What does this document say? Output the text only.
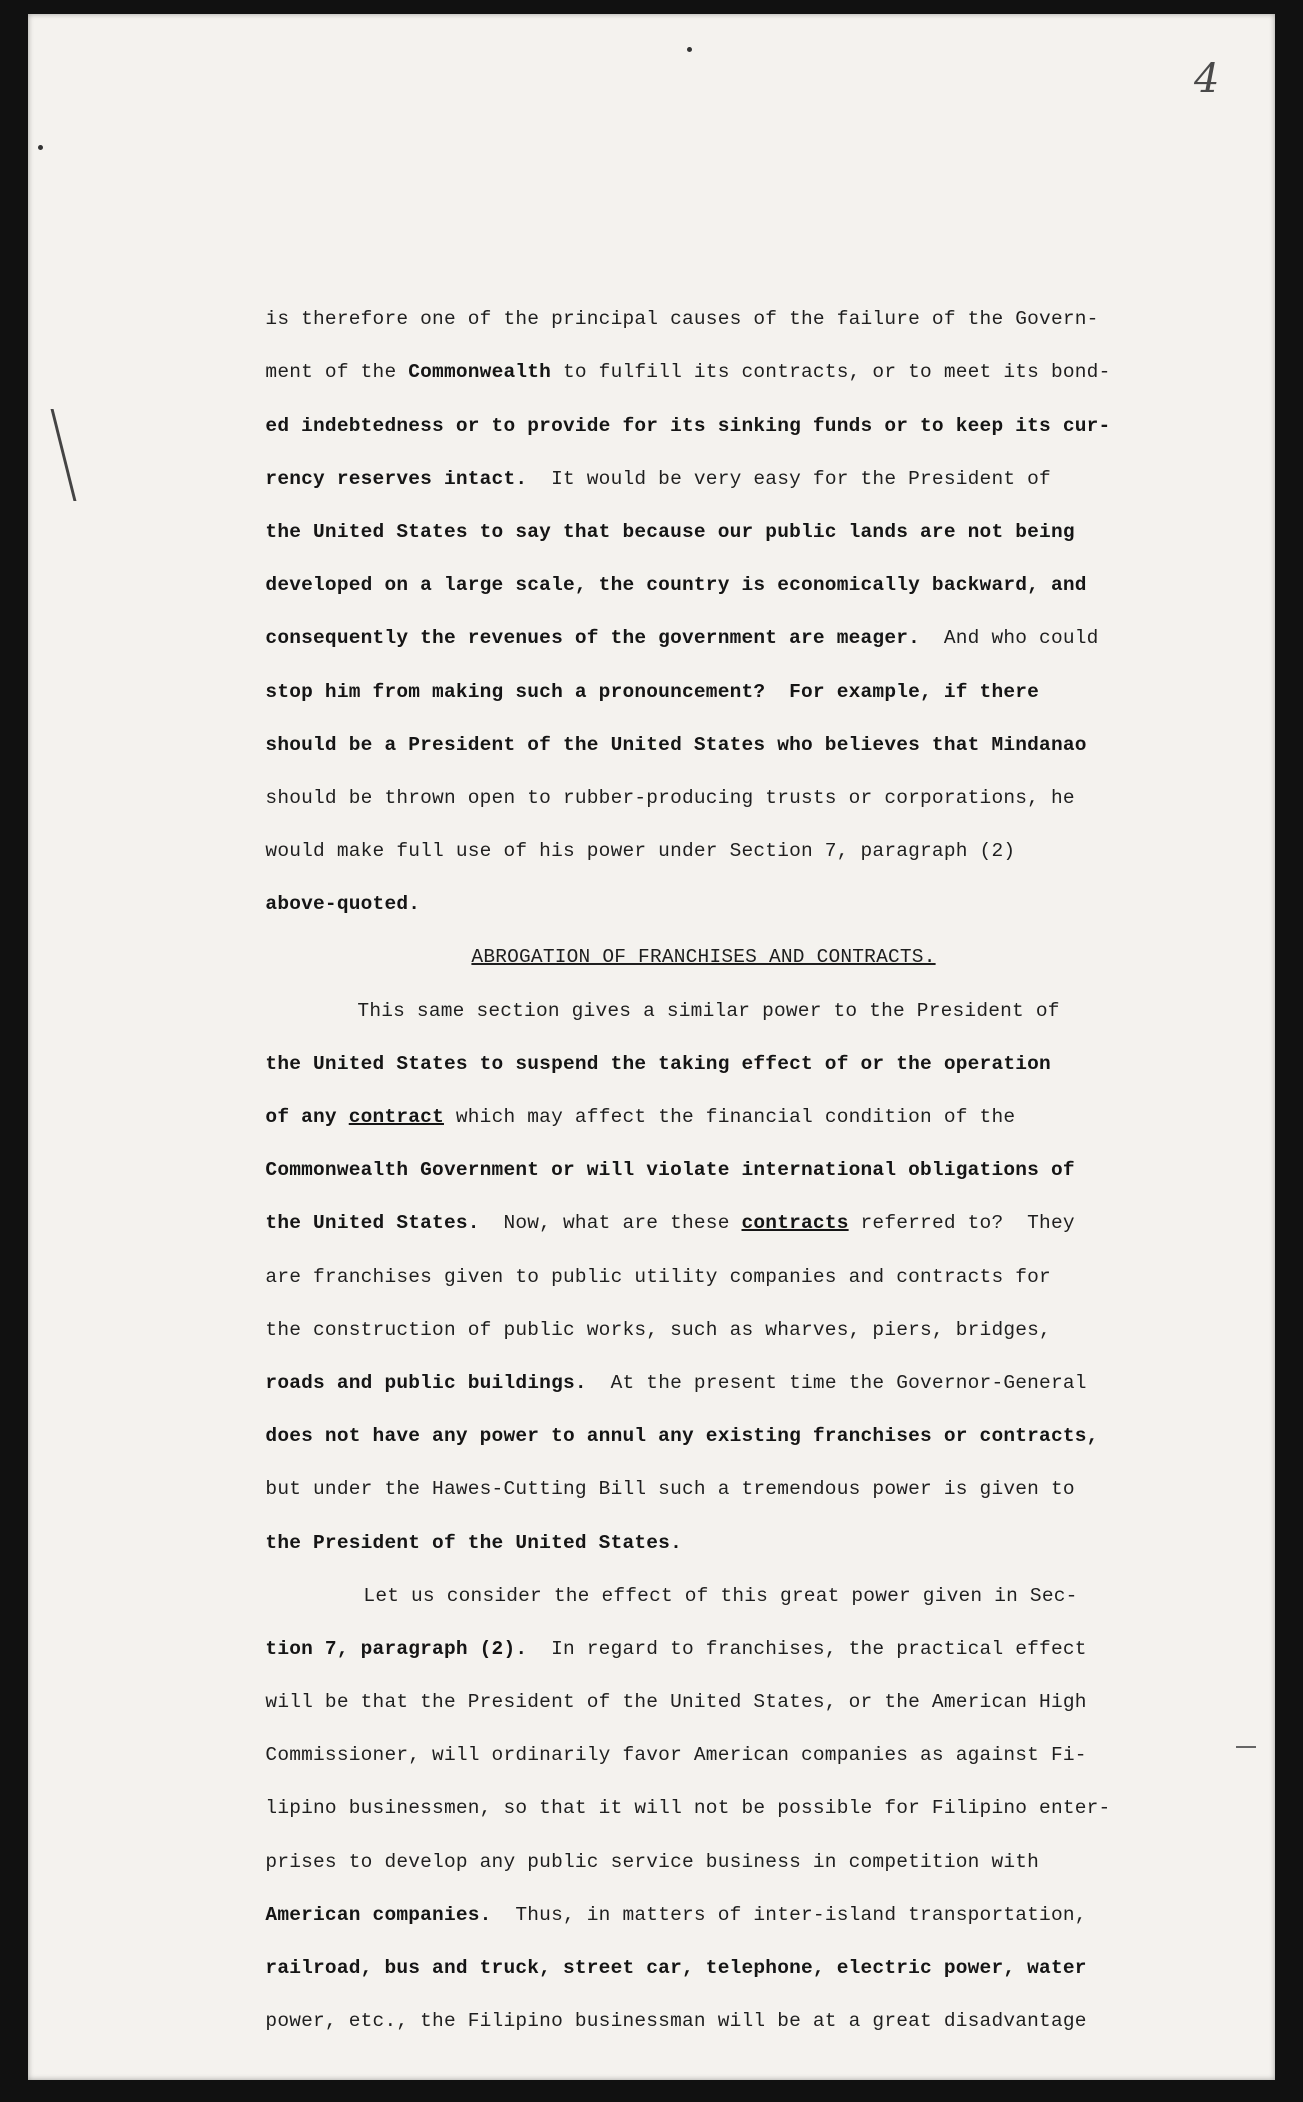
4

is therefore one of the principal causes of the failure of the Govern-

ment of the Commonwealth to fulfill its contracts, or to meet its bond-

ed indebtedness or to provide for its sinking funds or to keep its cur-

rency reserves intact.  It would be very easy for the President of

the United States to say that because our public lands are not being

developed on a large scale, the country is economically backward, and

consequently the revenues of the government are meager.  And who could

stop him from making such a pronouncement?  For example, if there

should be a President of the United States who believes that Mindanao

should be thrown open to rubber-producing trusts or corporations, he

would make full use of his power under Section 7, paragraph (2)

above-quoted.

ABROGATION OF FRANCHISES AND CONTRACTS.

This same section gives a similar power to the President of

the United States to suspend the taking effect of or the operation

of any contract which may affect the financial condition of the

Commonwealth Government or will violate international obligations of

the United States.  Now, what are these contracts referred to?  They

are franchises given to public utility companies and contracts for

the construction of public works, such as wharves, piers, bridges,

roads and public buildings.  At the present time the Governor-General

does not have any power to annul any existing franchises or contracts,

but under the Hawes-Cutting Bill such a tremendous power is given to

the President of the United States.

Let us consider the effect of this great power given in Sec-

tion 7, paragraph (2).  In regard to franchises, the practical effect

will be that the President of the United States, or the American High

Commissioner, will ordinarily favor American companies as against Fi-

lipino businessmen, so that it will not be possible for Filipino enter-

prises to develop any public service business in competition with

American companies.  Thus, in matters of inter-island transportation,

railroad, bus and truck, street car, telephone, electric power, water

power, etc., the Filipino businessman will be at a great disadvantage
